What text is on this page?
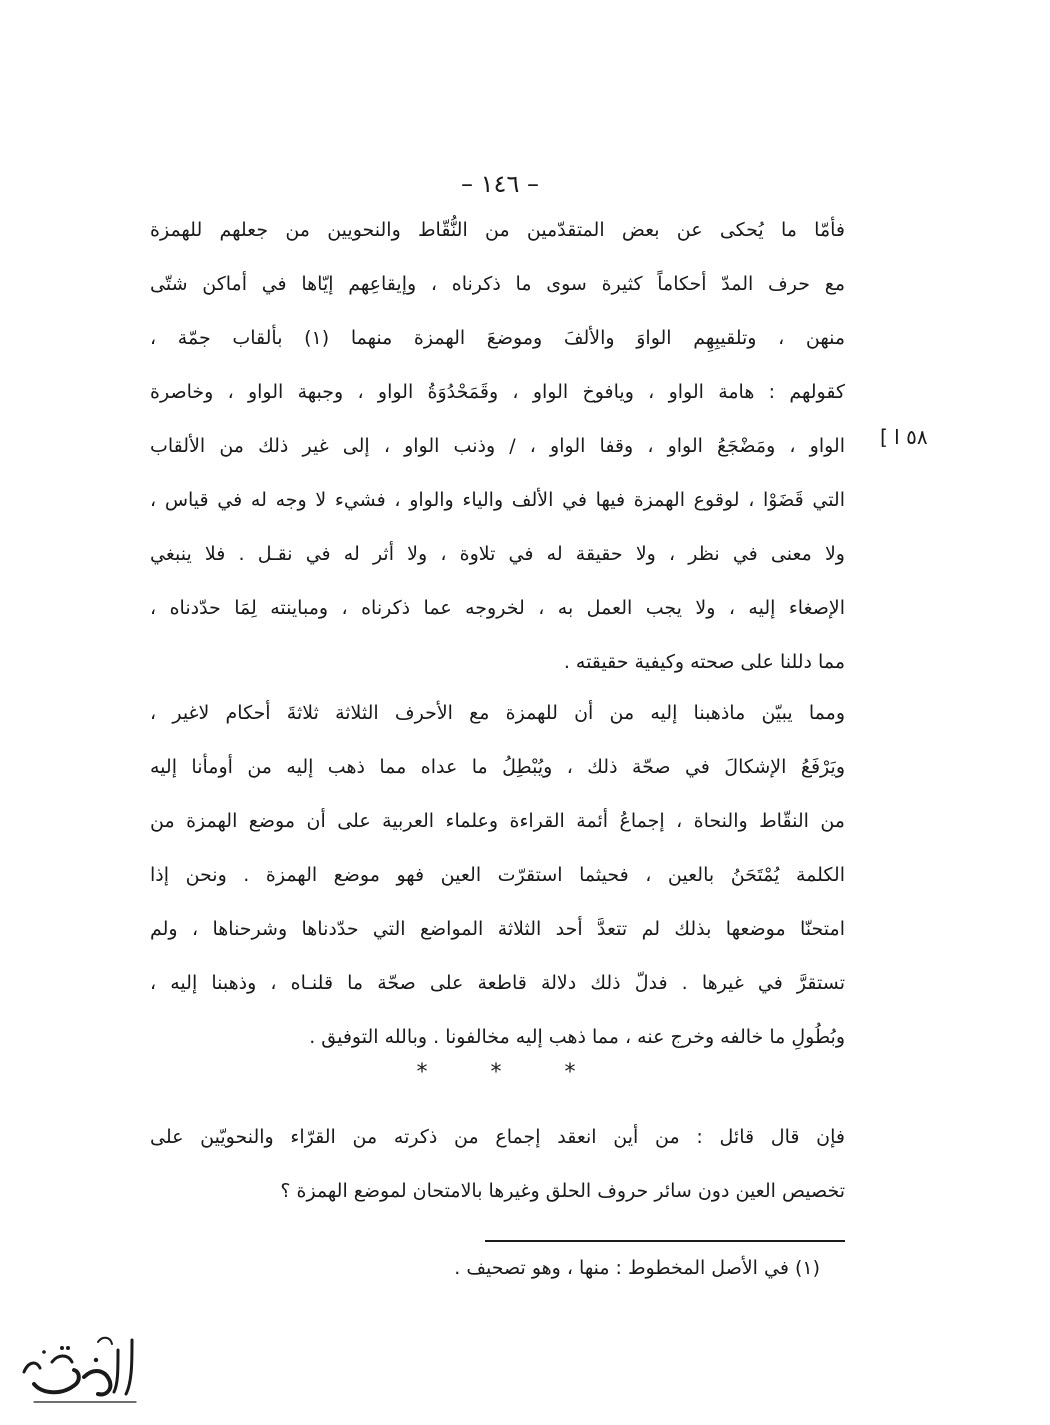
– ١٤٦ –
٥٨ ا ]
فأمّا ما يُحكى عن بعض المتقدّمين من النُّقّاط والنحويين من جعلهم للهمزة
مع حرف المدّ أحكاماً كثيرة سوى ما ذكرناه ، وإيقاعِهم إيّاها في أماكن شتّى
منهن ، وتلقيبِهِم الواوَ والألفَ وموضعَ الهمزة منهما (١) بألقاب جمّة ،
كقولهم : هامة الواو ، ويافوخ الواو ، وقَمَحْدُوَةُ الواو ، وجبهة الواو ، وخاصرة
الواو ، ومَضْجَعُ الواو ، وقفا الواو ، / وذنب الواو ، إلى غير ذلك من الألقاب
التي قَضَوْا ، لوقوع الهمزة فيها في الألف والياء والواو ، فشيء لا وجه له في قياس ،
ولا معنى في نظر ، ولا حقيقة له في تلاوة ، ولا أثر له في نقـل . فلا ينبغي
الإصغاء إليه ، ولا يجب العمل به ، لخروجه عما ذكرناه ، ومباينته لِمَا حدّدناه ،
مما دللنا على صحته وكيفية حقيقته .
ومما يبيّن ماذهبنا إليه من أن للهمزة مع الأحرف الثلاثة ثلاثةَ أحكام لاغير ،
ويَرْفَعُ الإشكالَ في صحّة ذلك ، ويُبْطِلُ ما عداه مما ذهب إليه من أومأنا إليه
من النقّاط والنحاة ، إجماعُ أئمة القراءة وعلماء العربية على أن موضع الهمزة من
الكلمة يُمْتَحَنُ بالعين ، فحيثما استقرّت العين فهو موضع الهمزة . ونحن إذا
امتحنّا موضعها بذلك لم تتعدَّ أحد الثلاثة المواضع التي حدّدناها وشرحناها ، ولم
تستقرَّ في غيرها . فدلّ ذلك دلالة قاطعة على صحّة ما قلنـاه ، وذهبنا إليه ،
وبُطُولِ ما خالفه وخرج عنه ، مما ذهب إليه مخالفونا . وبالله التوفيق .
* * *
فإن قال قائل : من أين انعقد إجماع من ذكرته من القرّاء والنحويّين على
تخصيص العين دون سائر حروف الحلق وغيرها بالامتحان لموضع الهمزة ؟
(١) في الأصل المخطوط : منها ، وهو تصحيف .
